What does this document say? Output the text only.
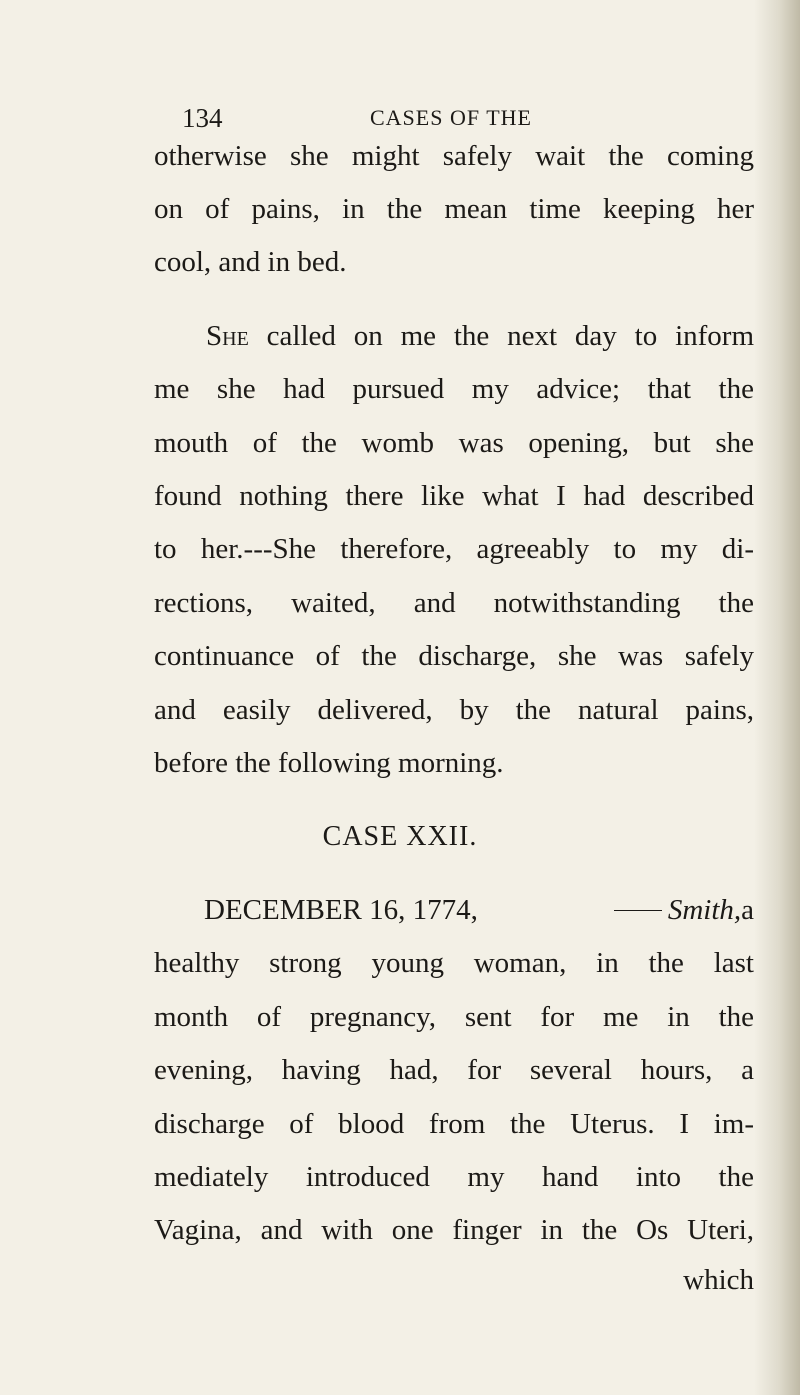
134	CASES OF THE
otherwise she might safely wait the coming
on of pains, in the mean time keeping her
cool, and in bed.
She called on me the next day to inform
me she had pursued my advice; that the
mouth of the womb was opening, but she
found nothing there like what I had described
to her.---She therefore, agreeably to my di-
rections, waited, and notwithstanding the
continuance of the discharge, she was safely
and easily delivered, by the natural pains,
before the following morning.
CASE XXII.
DECEMBER 16, 1774,	Smith, a
healthy strong young woman, in the last
month of pregnancy, sent for me in the
evening, having had, for several hours, a
discharge of blood from the Uterus. I im-
mediately introduced my hand into the
Vagina, and with one finger in the Os Uteri,
which
